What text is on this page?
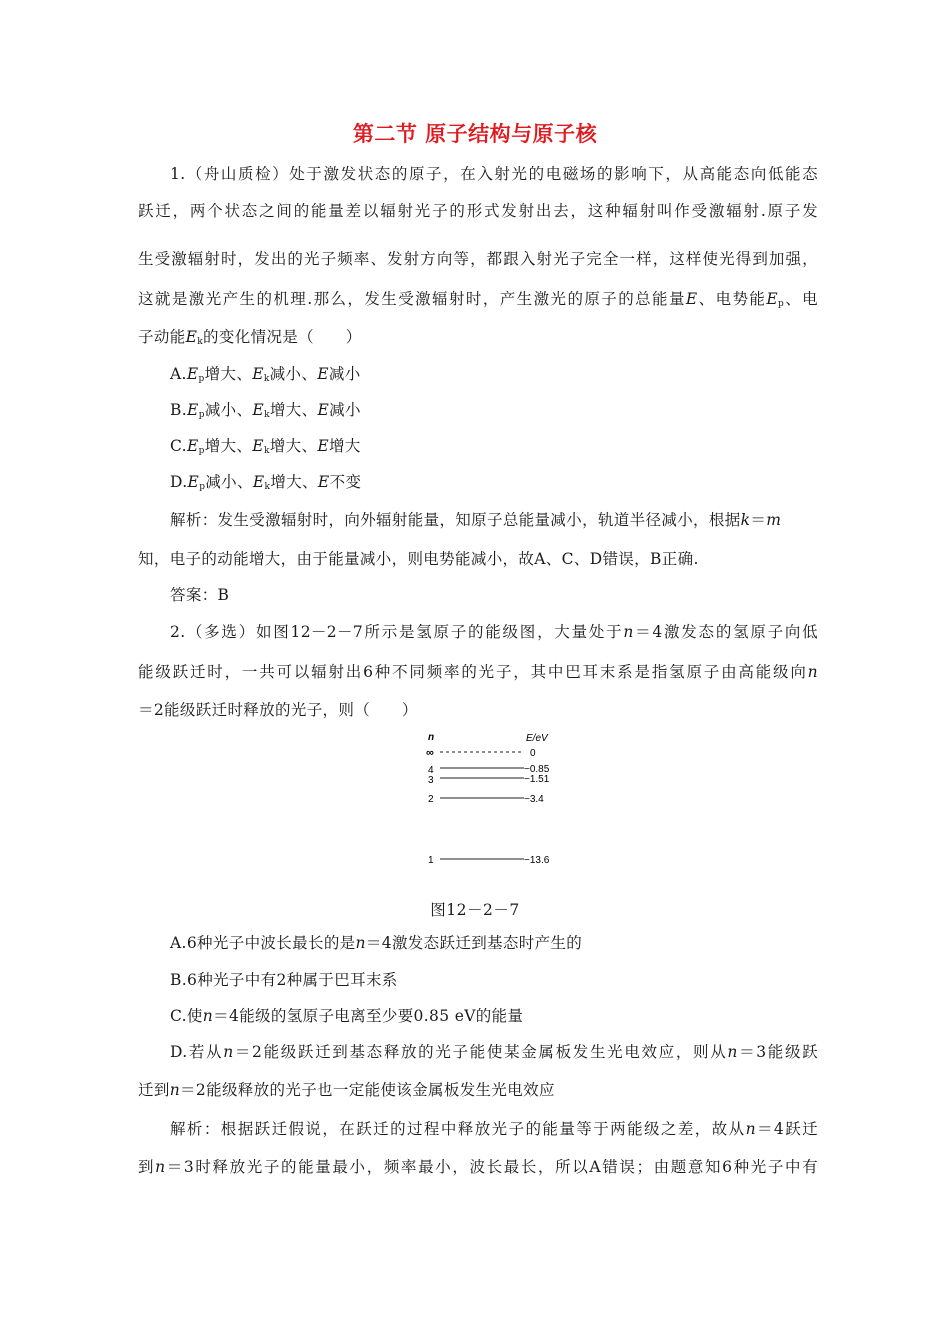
第二节 原子结构与原子核
1.（舟山质检）处于激发状态的原子，在入射光的电磁场的影响下，从高能态向低能态
跃迁，两个状态之间的能量差以辐射光子的形式发射出去，这种辐射叫作受激辐射.原子发
生受激辐射时，发出的光子频率、发射方向等，都跟入射光子完全一样，这样使光得到加强，
这就是激光产生的机理.那么，发生受激辐射时，产生激光的原子的总能量E、电势能$E_p$、电
子动能$E_k$的变化情况是（　　）
$A.E_p$增大、$E_k$减小、E减小
$B.E_p$减小、$E_k$增大、E减小
$C.E_p$增大、$E_k$增大、E增大
$D.E_p$减小、$E_k$增大、E不变
解析：发生受激辐射时，向外辐射能量，知原子总能量减小，轨道半径减小，根据k＝m
知，电子的动能增大，由于能量减小，则电势能减小，故A、C、D错误，B正确.
答案：B
2.（多选）如图12－2－7所示是氢原子的能级图，大量处于n＝4激发态的氢原子向低
能级跃迁时，一共可以辐射出6种不同频率的光子，其中巴耳末系是指氢原子由高能级向n
＝2能级跃迁时释放的光子，则（　　）
n	E/eV
∞	0
4	−0.85
3	−1.51
2	−3.4
1	−13.6
图12－2－7
A.6种光子中波长最长的是n＝4激发态跃迁到基态时产生的
B.6种光子中有2种属于巴耳末系
C.使n＝4能级的氢原子电离至少要0.85 eV的能量
D.若从n＝2能级跃迁到基态释放的光子能使某金属板发生光电效应，则从n＝3能级跃
迁到n＝2能级释放的光子也一定能使该金属板发生光电效应
解析：根据跃迁假说，在跃迁的过程中释放光子的能量等于两能级之差，故从n＝4跃迁
到n＝3时释放光子的能量最小，频率最小，波长最长，所以A错误；由题意知6种光子中有
